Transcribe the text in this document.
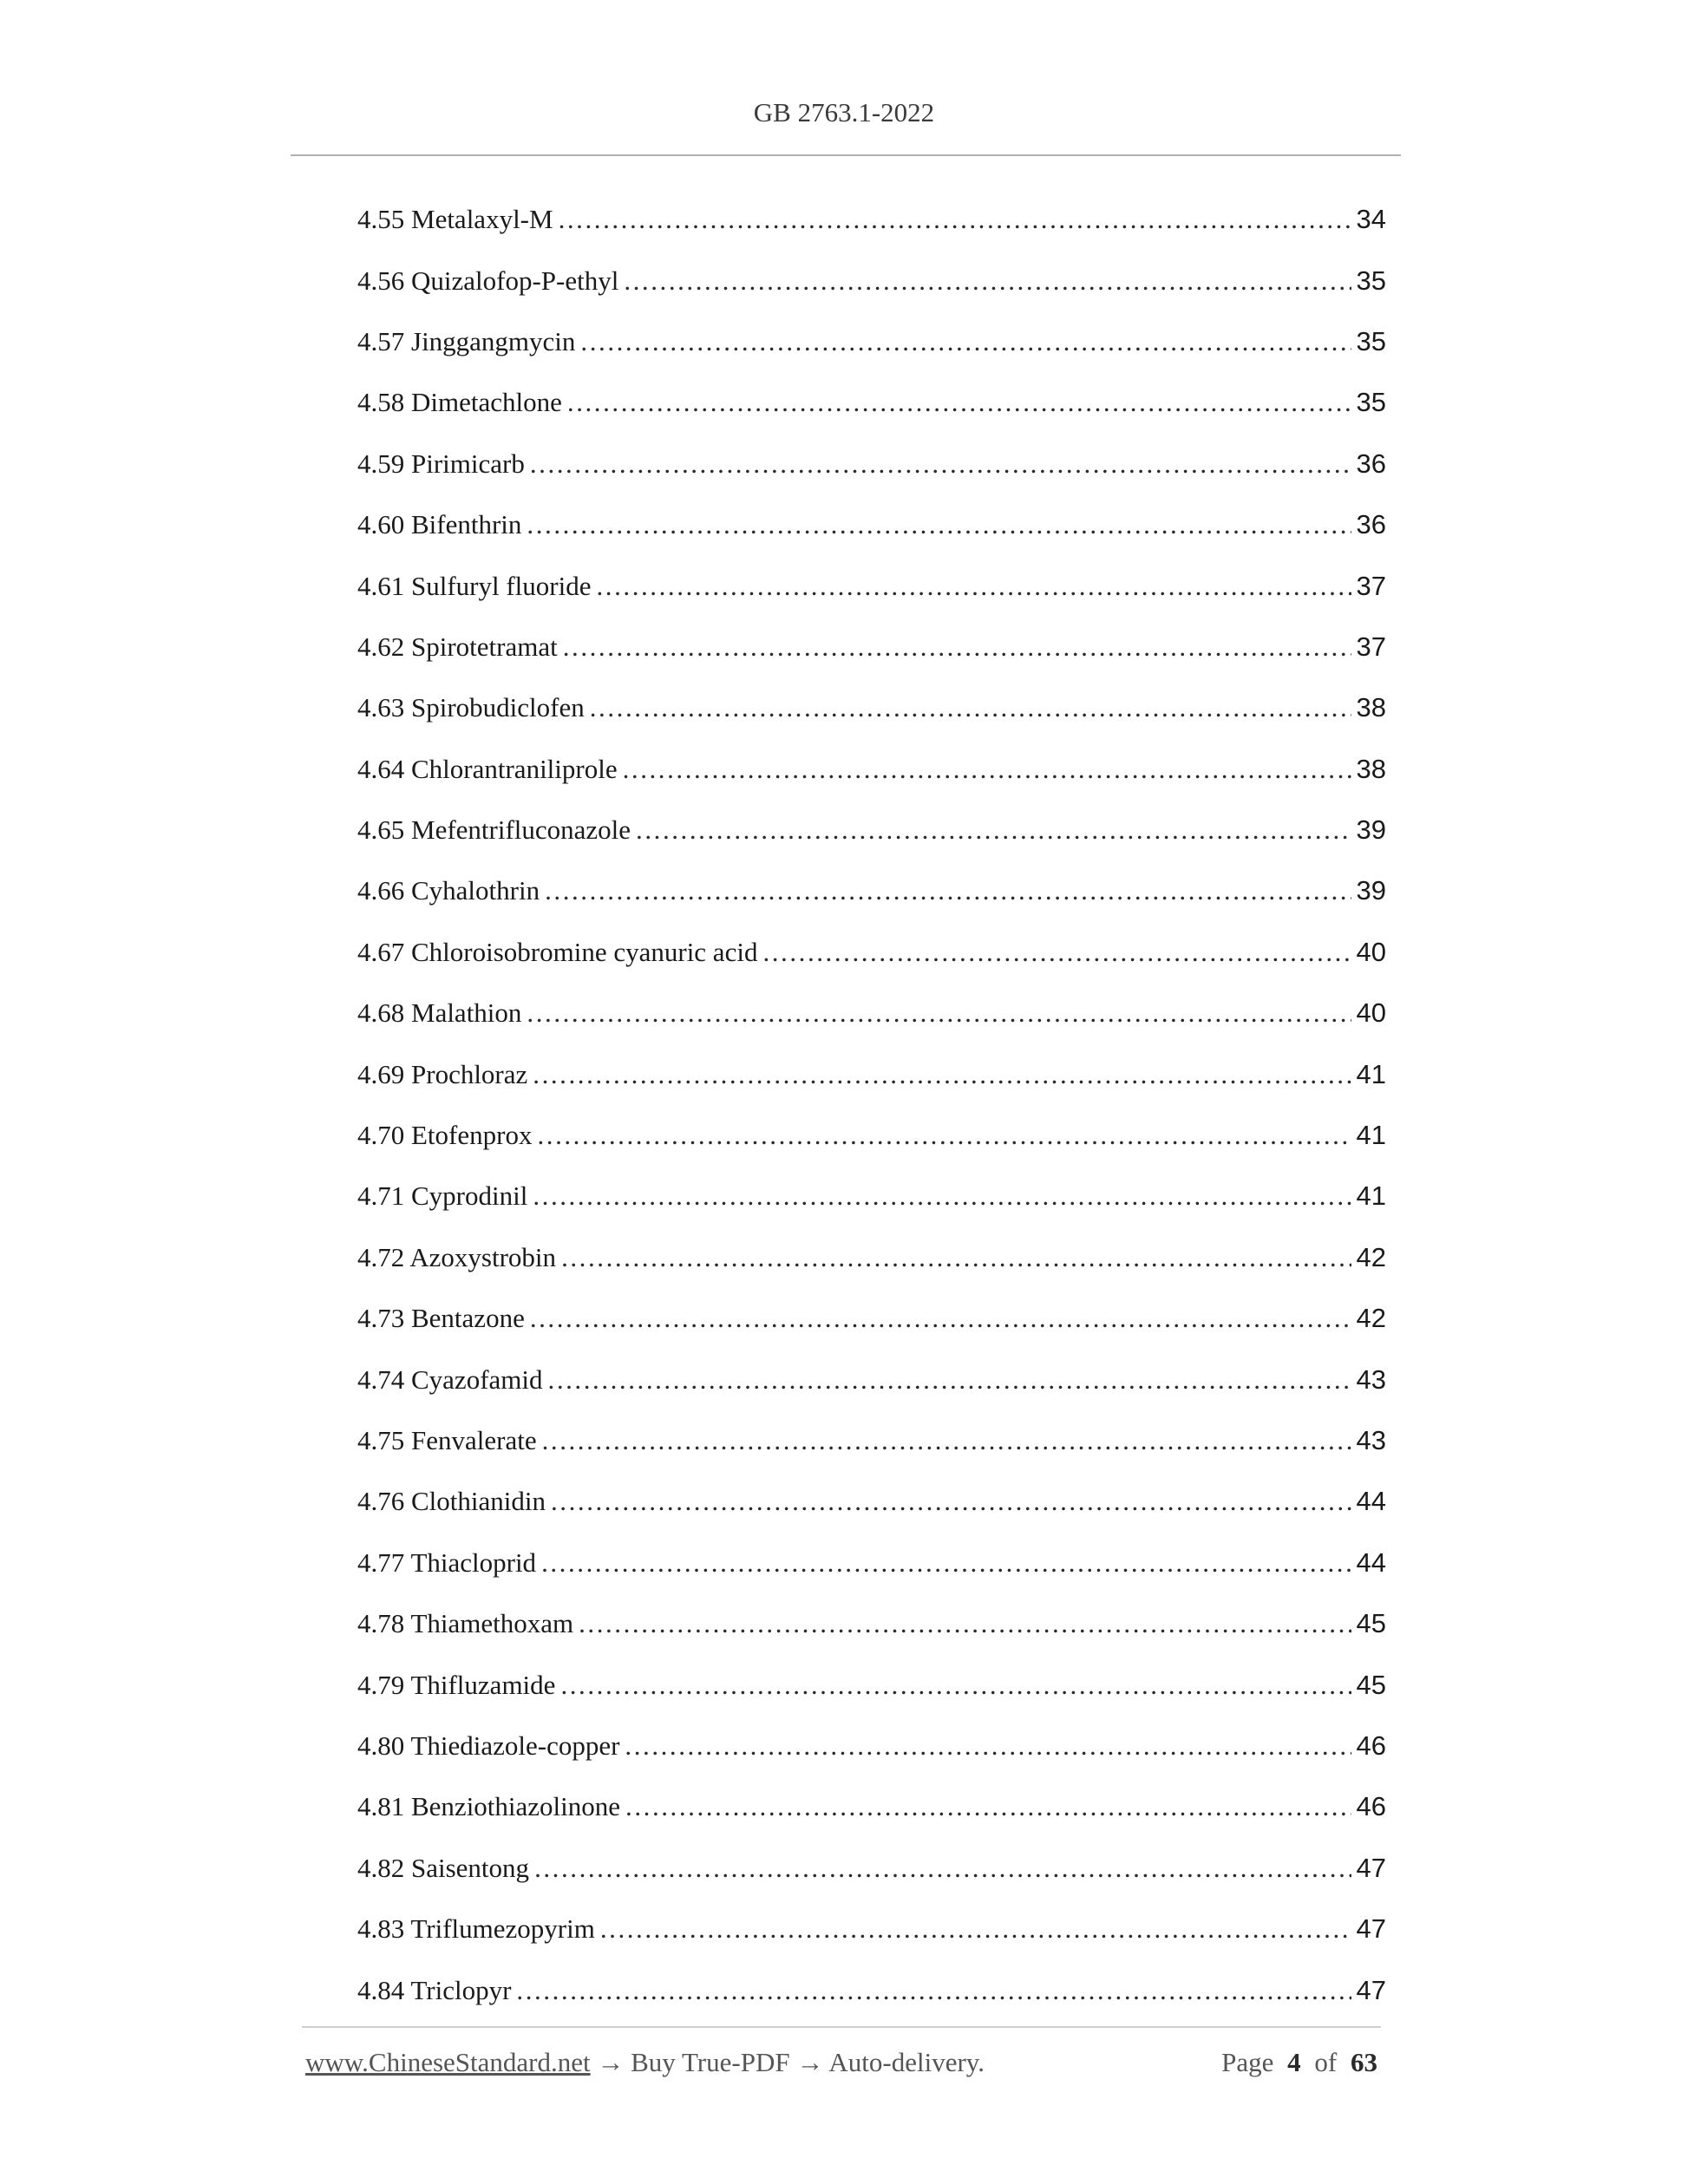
GB 2763.1-2022
4.55 Metalaxyl-M . . .	34
4.56 Quizalofop-P-ethyl . . .	35
4.57 Jinggangmycin . . .	35
4.58 Dimetachlone . . .	35
4.59 Pirimicarb . . .	36
4.60 Bifenthrin . . .	36
4.61 Sulfuryl fluoride . . .	37
4.62 Spirotetramat . . .	37
4.63 Spirobudiclofen . . .	38
4.64 Chlorantraniliprole . . .	38
4.65 Mefentrifluconazole . . .	39
4.66 Cyhalothrin . . .	39
4.67 Chloroisobromine cyanuric acid . . .	40
4.68 Malathion . . .	40
4.69 Prochloraz . . .	41
4.70 Etofenprox . . .	41
4.71 Cyprodinil . . .	41
4.72 Azoxystrobin . . .	42
4.73 Bentazone . . .	42
4.74 Cyazofamid . . .	43
4.75 Fenvalerate . . .	43
4.76 Clothianidin . . .	44
4.77 Thiacloprid . . .	44
4.78 Thiamethoxam . . .	45
4.79 Thifluzamide . . .	45
4.80 Thiediazole-copper . . .	46
4.81 Benziothiazolinone . . .	46
4.82 Saisentong . . .	47
4.83 Triflumezopyrim . . .	47
4.84 Triclopyr . . .	47
www.ChineseStandard.net → Buy True-PDF → Auto-delivery.	Page 4 of 63
